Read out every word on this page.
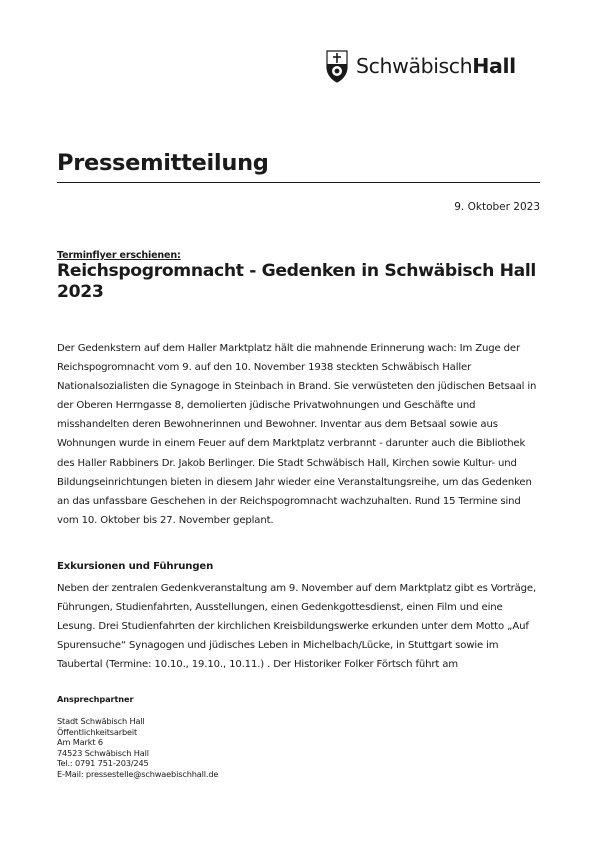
SchwäbischHall
Pressemitteilung
9. Oktober 2023
Terminflyer erschienen:
Reichspogromnacht - Gedenken in Schwäbisch Hall 2023

Der Gedenkstern auf dem Haller Marktplatz hält die mahnende Erinnerung wach: Im Zuge der Reichspogromnacht vom 9. auf den 10. November 1938 steckten Schwäbisch Haller Nationalsozialisten die Synagoge in Steinbach in Brand. Sie verwüsteten den jüdischen Betsaal in der Oberen Herrngasse 8, demolierten jüdische Privatwohnungen und Geschäfte und misshandelten deren Bewohnerinnen und Bewohner. Inventar aus dem Betsaal sowie aus Wohnungen wurde in einem Feuer auf dem Marktplatz verbrannt - darunter auch die Bibliothek des Haller Rabbiners Dr. Jakob Berlinger. Die Stadt Schwäbisch Hall, Kirchen sowie Kultur- und Bildungseinrichtungen bieten in diesem Jahr wieder eine Veranstaltungsreihe, um das Gedenken an das unfassbare Geschehen in der Reichspogromnacht wachzuhalten. Rund 15 Termine sind vom 10. Oktober bis 27. November geplant.

Exkursionen und Führungen

Neben der zentralen Gedenkveranstaltung am 9. November auf dem Marktplatz gibt es Vorträge, Führungen, Studienfahrten, Ausstellungen, einen Gedenkgottesdienst, einen Film und eine Lesung. Drei Studienfahrten der kirchlichen Kreisbildungswerke erkunden unter dem Motto „Auf Spurensuche“ Synagogen und jüdisches Leben in Michelbach/Lücke, in Stuttgart sowie im Taubertal (Termine: 10.10., 19.10., 10.11.) . Der Historiker Folker Förtsch führt am

Ansprechpartner
Stadt Schwäbisch Hall
Öffentlichkeitsarbeit
Am Markt 6
74523 Schwäbisch Hall
Tel.: 0791 751-203/245
E-Mail: pressestelle@schwaebischhall.de
